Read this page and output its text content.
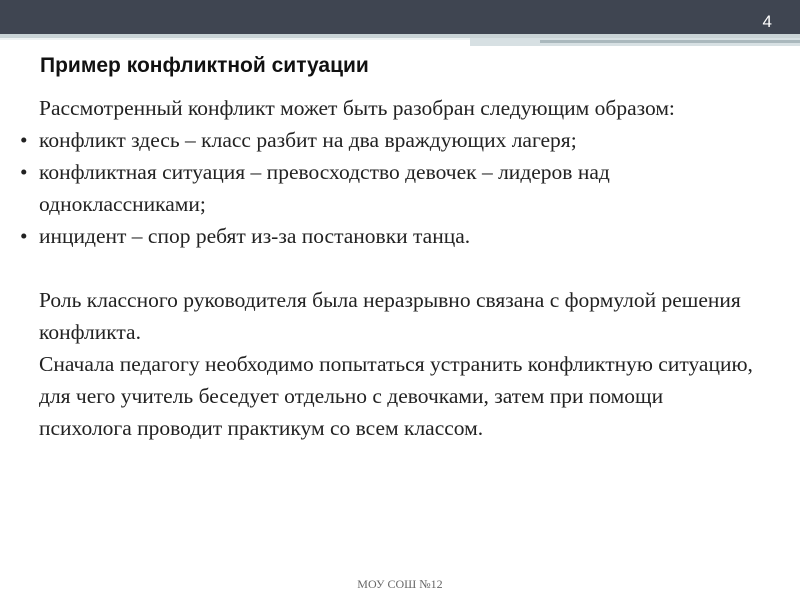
4
Пример конфликтной ситуации
Рассмотренный конфликт может быть разобран следующим образом:
• конфликт здесь – класс разбит на два враждующих лагеря;
• конфликтная ситуация – превосходство девочек – лидеров над одноклассниками;
• инцидент – спор ребят из-за постановки танца.
Роль классного руководителя была неразрывно связана с формулой решения конфликта.
Сначала педагогу необходимо попытаться устранить конфликтную ситуацию, для чего учитель беседует отдельно с девочками, затем при помощи психолога проводит практикум со всем классом.
МОУ СОШ №12
